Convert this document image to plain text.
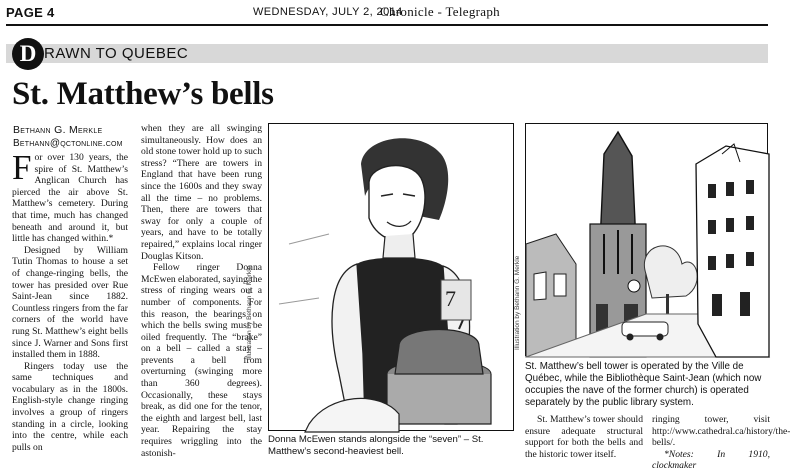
PAGE 4	WEDNESDAY, JULY 2, 2014
Chronicle - Telegraph
D RAWN TO QUEBEC
St. Matthew’s bells
Bethann G. Merkle
Bethann@qctonline.com

For over 130 years, the spire of St. Matthew’s Anglican Church has pierced the air above St. Matthew’s cemetery. During that time, much has changed beneath and around it, but little has changed within.*

Designed by William Tutin Thomas to house a set of change-ringing bells, the tower has presided over Rue Saint-Jean since 1882. Countless ringers from the far corners of the world have rung St. Matthew’s eight bells since J. Warner and Sons first installed them in 1888.

Ringers today use the same techniques and vocabulary as in the 1800s. English-style change ringing involves a group of ringers standing in a circle, looking into the centre, while each pulls on

when they are all swinging simultaneously. How does an old stone tower hold up to such stress? “There are towers in England that have been rung since the 1600s and they sway all the time – no problems. Then, there are towers that sway for only a couple of years, and have to be totally repaired,” explains local ringer Douglas Kitson.

Fellow ringer Donna McEwen elaborated, saying the stress of ringing wears out a number of components. For this reason, the bearings on which the bells swing must be oiled frequently. The “brake” on a bell – called a stay – prevents a bell from overturning (swinging more than 360 degrees). Occasionally, these stays break, as did one for the tenor, the eighth and largest bell, last year. Repairing the stay requires wriggling into the astonish-

7
Illustration by Bethann G. Merkle
Donna McEwen stands alongside the “seven” – St. Matthew’s second-heaviest bell.
Illustration by Bethann G. Merkle
St. Matthew’s bell tower is operated by the Ville de Québec, while the Bibliothèque Saint-Jean (which now occupies the nave of the former church) is operated separately by the public library system.

St. Matthew’s tower should ensure adequate structural support for both the bells and the historic tower itself.

ringing tower, visit http://www.cathedral.ca/history/the-bells/.

*Notes: In 1910, clockmaker
